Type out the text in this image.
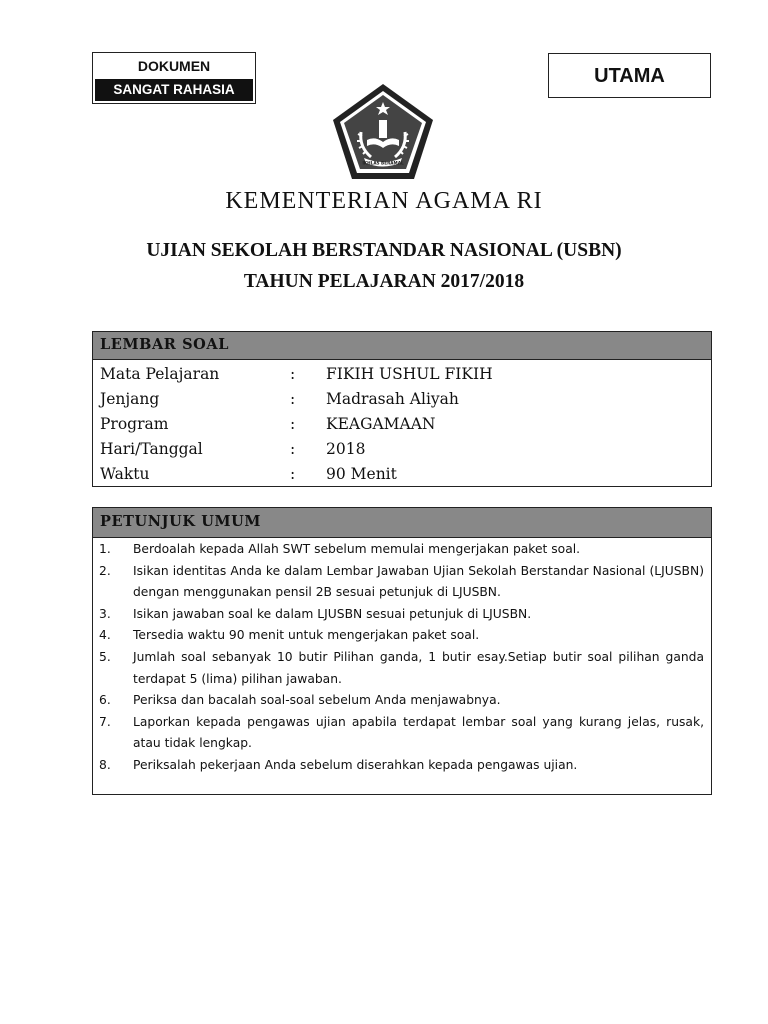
DOKUMEN
SANGAT RAHASIA
UTAMA
IKHLAS BERAMAL
KEMENTERIAN AGAMA RI
UJIAN SEKOLAH BERSTANDAR NASIONAL (USBN)
TAHUN PELAJARAN 2017/2018
LEMBAR SOAL
Mata Pelajaran	: FIKIH USHUL FIKIH
Jenjang	: Madrasah Aliyah
Program	: KEAGAMAAN
Hari/Tanggal	: 2018
Waktu	: 90 Menit
PETUNJUK UMUM
1. Berdoalah kepada Allah SWT sebelum memulai mengerjakan paket soal.
2. Isikan identitas Anda ke dalam Lembar Jawaban Ujian Sekolah Berstandar Nasional (LJUSBN) dengan menggunakan pensil 2B sesuai petunjuk di LJUSBN.
3. Isikan jawaban soal ke dalam LJUSBN sesuai petunjuk di LJUSBN.
4. Tersedia waktu 90 menit untuk mengerjakan paket soal.
5. Jumlah soal sebanyak 10 butir Pilihan ganda, 1 butir esay.Setiap butir soal pilihan ganda terdapat 5 (lima) pilihan jawaban.
6. Periksa dan bacalah soal-soal sebelum Anda menjawabnya.
7. Laporkan kepada pengawas ujian apabila terdapat lembar soal yang kurang jelas, rusak, atau tidak lengkap.
8. Periksalah pekerjaan Anda sebelum diserahkan kepada pengawas ujian.
